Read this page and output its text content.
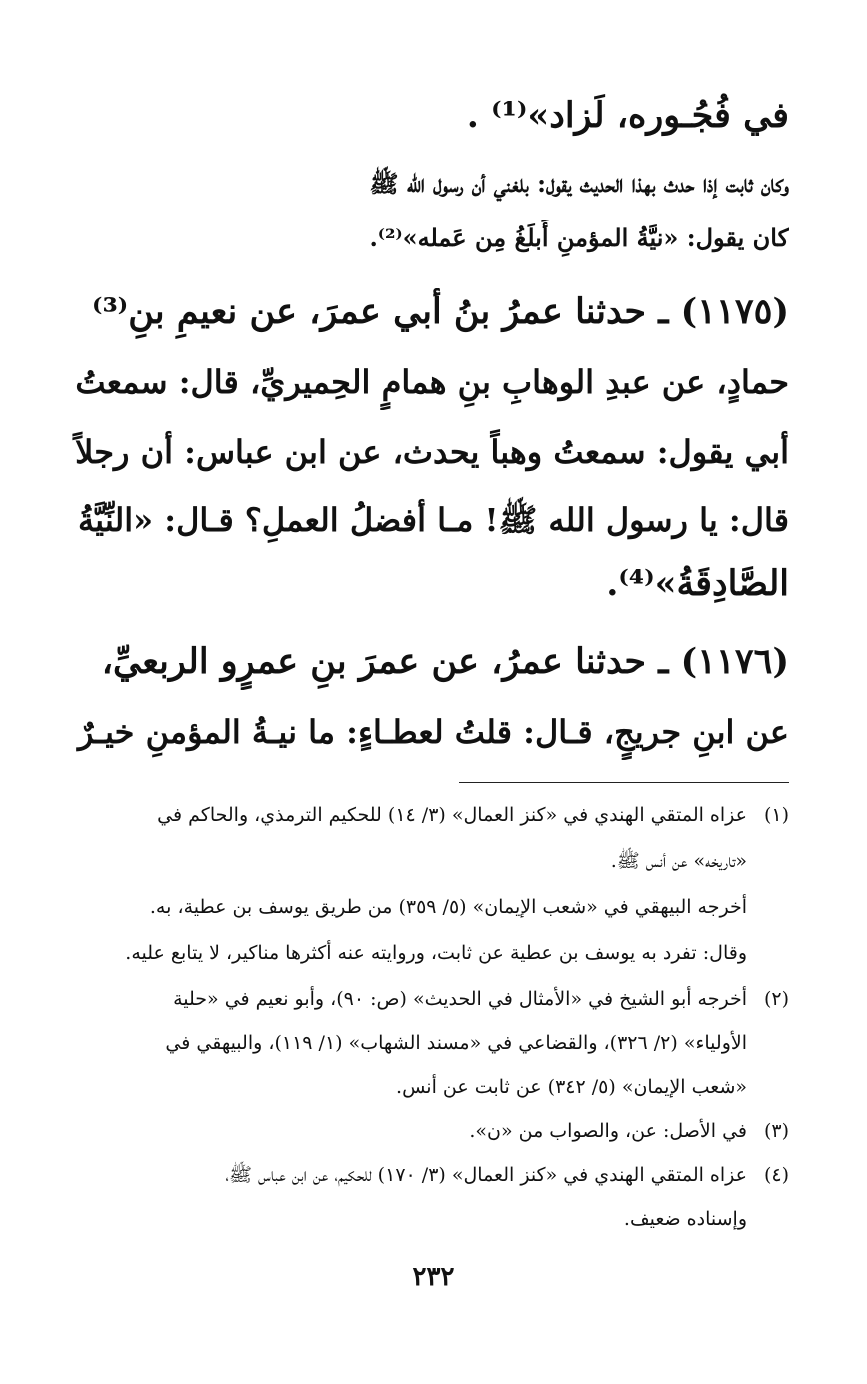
في فُجُـوره، لَزاد»⁽¹⁾ .
وكان ثابت إذا حدث بهذا الحديث يقول: بلغني أن رسول الله ﷺ
كان يقول: «نيَّةُ المؤمنِ أَبلَغُ مِن عَمله»⁽²⁾.
(١١٧٥) ـ حدثنا عمرُ بنُ أبي عمرَ، عن نعيمِ بنِ⁽³⁾
حمادٍ، عن عبدِ الوهابِ بنِ همامٍ الحِميريِّ، قال: سمعتُ
أبي يقول: سمعتُ وهباً يحدث، عن ابن عباس: أن رجلاً
قال: يا رسول الله ﷺ! مـا أفضلُ العملِ؟ قـال: «النِّيَّةُ
الصَّادِقَةُ»⁽⁴⁾.
(١١٧٦) ـ حدثنا عمرُ، عن عمرَ بنِ عمرٍو الربعيِّ،
عن ابنِ جريجٍ، قـال: قلتُ لعطـاءٍ: ما نيـةُ المؤمنِ خيـرٌ
(١)
عزاه المتقي الهندي في «كنز العمال» (٣/ ١٤) للحكيم الترمذي، والحاكم في
«تاريخه» عن أنس ﷺ.
أخرجه البيهقي في «شعب الإيمان» (٥/ ٣٥٩) من طريق يوسف بن عطية، به.
وقال: تفرد به يوسف بن عطية عن ثابت، وروايته عنه أكثرها مناكير، لا يتابع عليه.
(٢)
أخرجه أبو الشيخ في «الأمثال في الحديث» (ص: ٩٠)، وأبو نعيم في «حلية
الأولياء» (٢/ ٣٢٦)، والقضاعي في «مسند الشهاب» (١/ ١١٩)، والبيهقي في
«شعب الإيمان» (٥/ ٣٤٢) عن ثابت عن أنس.
(٣)
في الأصل: عن، والصواب من «ن».
(٤)
عزاه المتقي الهندي في «كنز العمال» (٣/ ١٧٠) للحكيم، عن ابن عباس ﷺ،
وإسناده ضعيف.
٢٣٢
